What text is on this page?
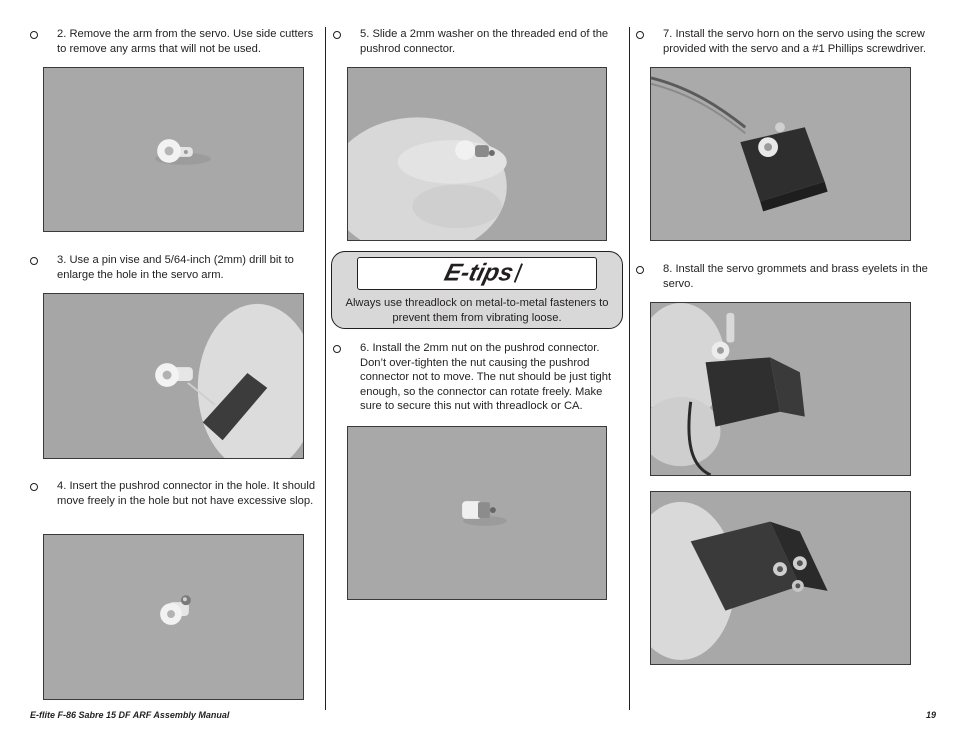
2. Remove the arm from the servo. Use side cutters to remove any arms that will not be used.
3. Use a pin vise and 5/64-inch (2mm) drill bit to enlarge the hole in the servo arm.
4. Insert the pushrod connector in the hole. It should move freely in the hole but not have excessive slop.
5. Slide a 2mm washer on the threaded end of the pushrod connector.
E-tips
Always use threadlock on metal-to-metal fasteners to prevent them from vibrating loose.
6. Install the 2mm nut on the pushrod connector. Don’t over-tighten the nut causing the pushrod connector not to move. The nut should be just tight enough, so the connector can rotate freely. Make sure to secure this nut with threadlock or CA.
7. Install the servo horn on the servo using the screw provided with the servo and a #1 Phillips screwdriver.
8. Install the servo grommets and brass eyelets in the servo.
E-flite F-86 Sabre 15 DF ARF Assembly Manual	19
